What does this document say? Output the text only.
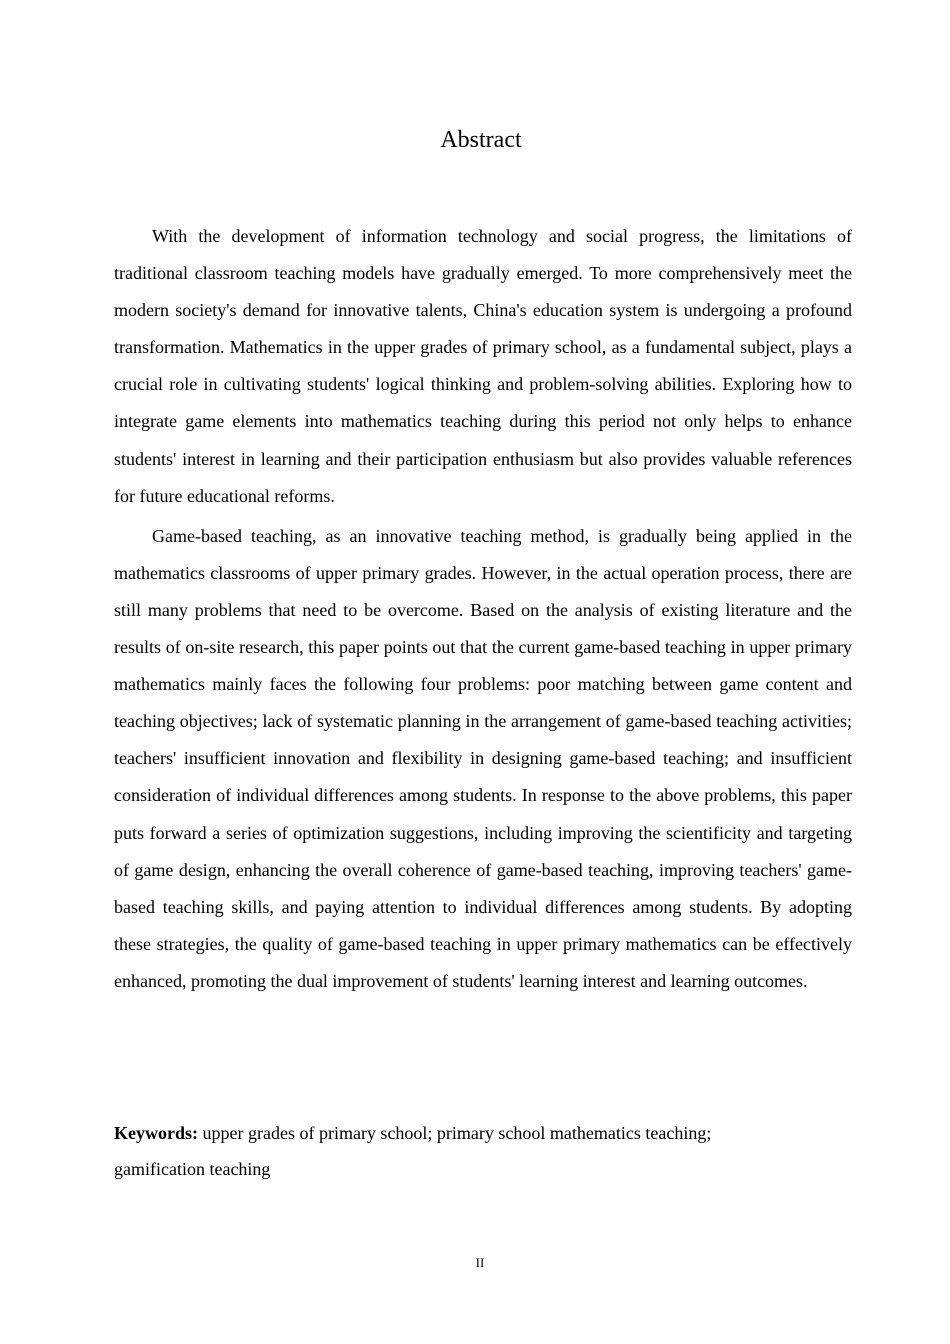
Abstract

With the development of information technology and social progress, the limitations of traditional classroom teaching models have gradually emerged. To more comprehensively meet the modern society's demand for innovative talents, China's education system is undergoing a profound transformation. Mathematics in the upper grades of primary school, as a fundamental subject, plays a crucial role in cultivating students' logical thinking and problem-solving abilities. Exploring how to integrate game elements into mathematics teaching during this period not only helps to enhance students' interest in learning and their participation enthusiasm but also provides valuable references for future educational reforms.

Game-based teaching, as an innovative teaching method, is gradually being applied in the mathematics classrooms of upper primary grades. However, in the actual operation process, there are still many problems that need to be overcome. Based on the analysis of existing literature and the results of on-site research, this paper points out that the current game-based teaching in upper primary mathematics mainly faces the following four problems: poor matching between game content and teaching objectives; lack of systematic planning in the arrangement of game-based teaching activities; teachers' insufficient innovation and flexibility in designing game-based teaching; and insufficient consideration of individual differences among students. In response to the above problems, this paper puts forward a series of optimization suggestions, including improving the scientificity and targeting of game design, enhancing the overall coherence of game-based teaching, improving teachers' game-based teaching skills, and paying attention to individual differences among students. By adopting these strategies, the quality of game-based teaching in upper primary mathematics can be effectively enhanced, promoting the dual improvement of students' learning interest and learning outcomes.

Keywords: upper grades of primary school; primary school mathematics teaching;
gamification teaching

II
